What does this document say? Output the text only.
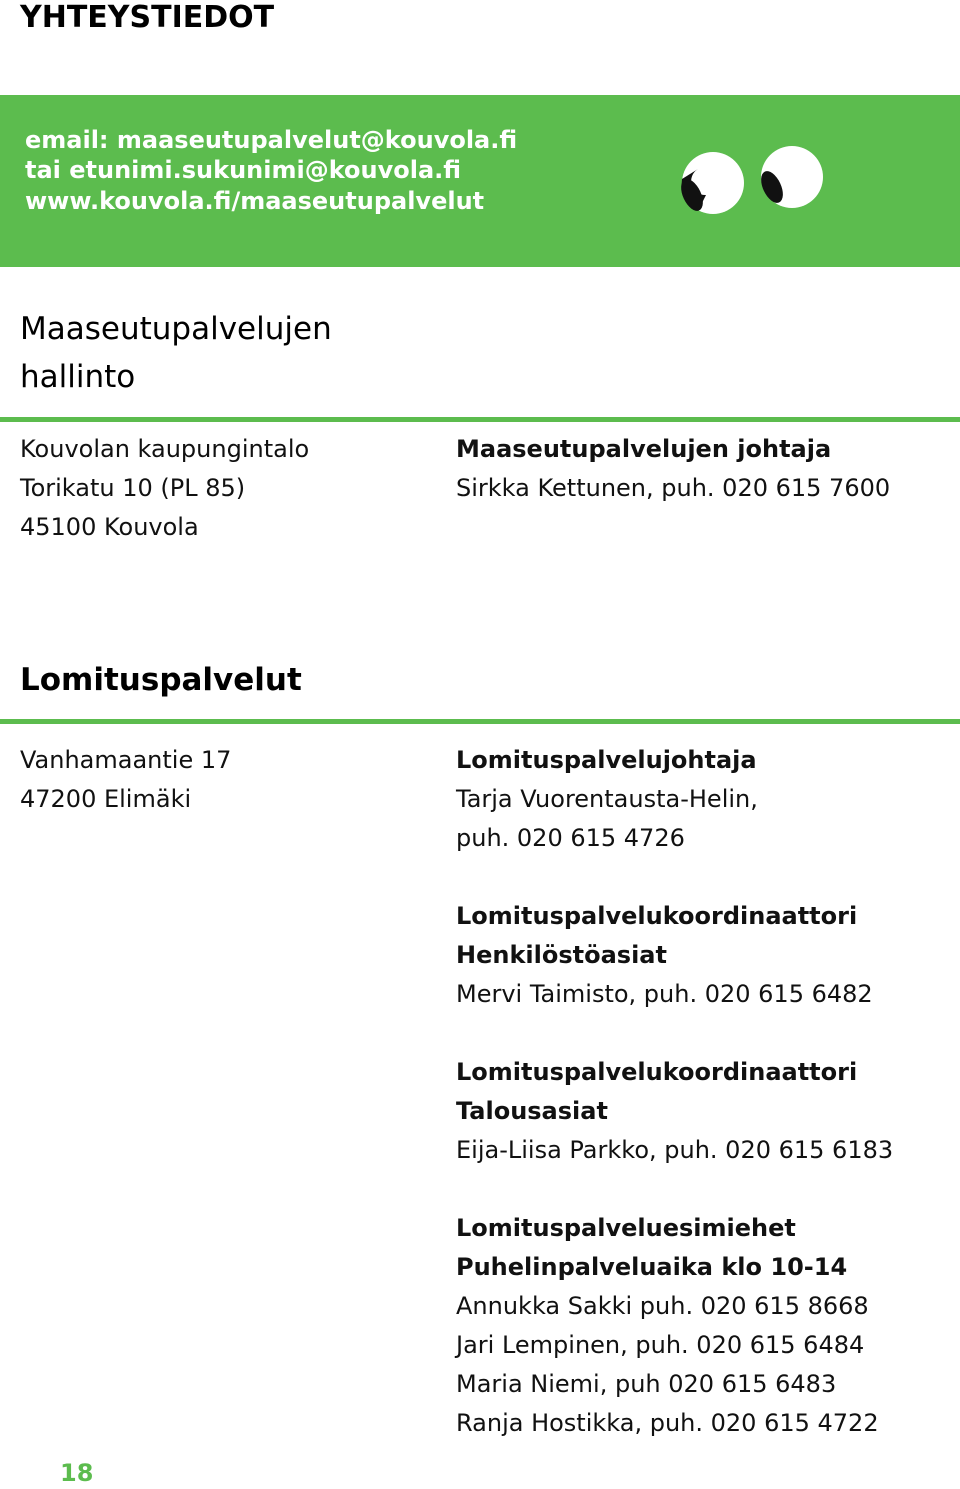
YHTEYSTIEDOT
email: maaseutupalvelut@kouvola.fi
tai etunimi.sukunimi@kouvola.fi
www.kouvola.fi/maaseutupalvelut
Maaseutupalvelujen
hallinto
Kouvolan kaupungintalo
Torikatu 10 (PL 85)
45100 Kouvola
Maaseutupalvelujen johtaja
Sirkka Kettunen, puh. 020 615 7600
Lomituspalvelut
Vanhamaantie 17
47200 Elimäki
Lomituspalvelujohtaja
Tarja Vuorentausta-Helin,
puh. 020 615 4726
Lomituspalvelukoordinaattori
Henkilöstöasiat
Mervi Taimisto, puh. 020 615 6482
Lomituspalvelukoordinaattori
Talousasiat
Eija-Liisa Parkko, puh. 020 615 6183
Lomituspalveluesimiehet
Puhelinpalveluaika klo 10-14
Annukka Sakki puh. 020 615 8668
Jari Lempinen, puh. 020 615 6484
Maria Niemi, puh 020 615 6483
Ranja Hostikka, puh. 020 615 4722
18
